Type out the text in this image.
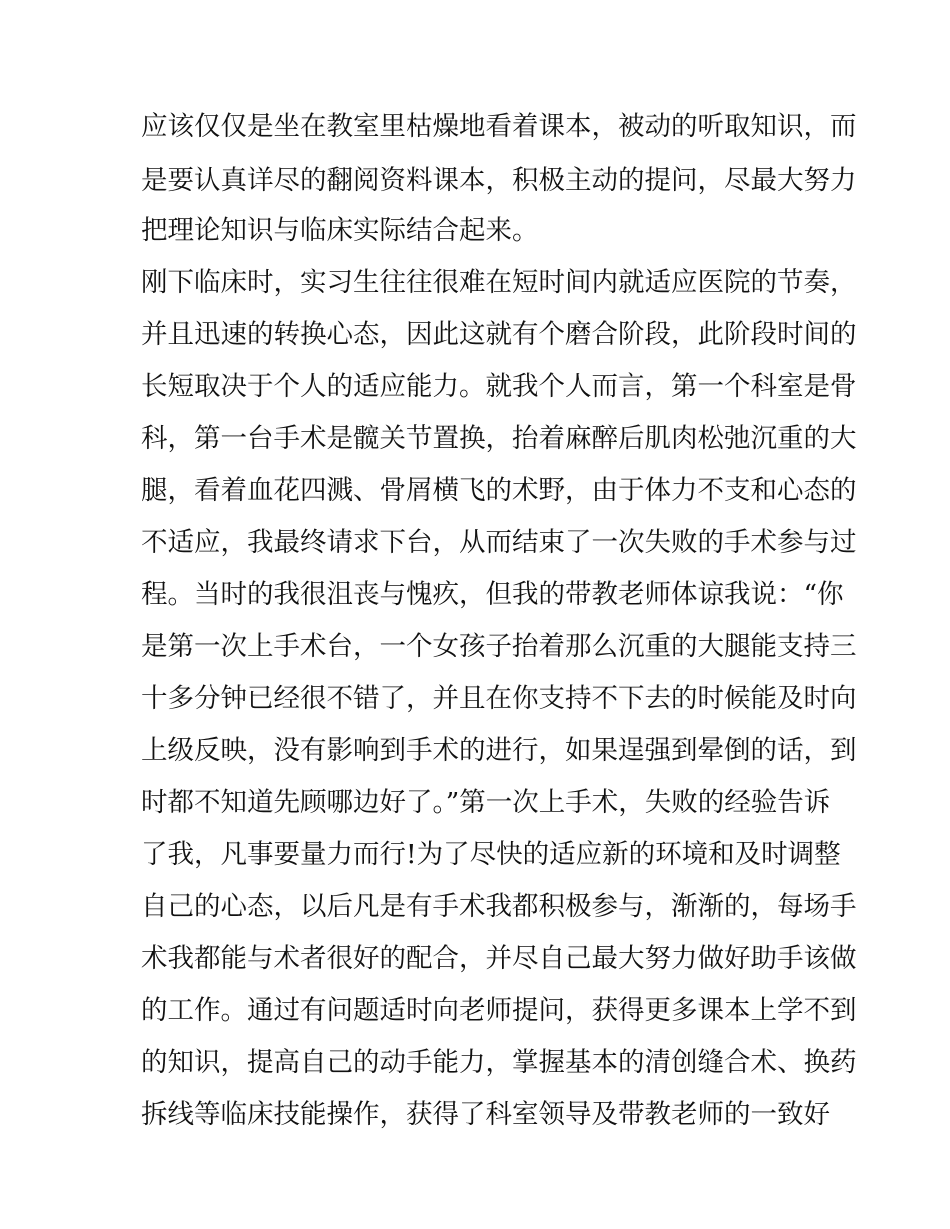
应该仅仅是坐在教室里枯燥地看着课本，被动的听取知识，而
是要认真详尽的翻阅资料课本，积极主动的提问，尽最大努力
把理论知识与临床实际结合起来。
刚下临床时，实习生往往很难在短时间内就适应医院的节奏，
并且迅速的转换心态，因此这就有个磨合阶段，此阶段时间的
长短取决于个人的适应能力。就我个人而言，第一个科室是骨
科，第一台手术是髋关节置换，抬着麻醉后肌肉松弛沉重的大
腿，看着血花四溅、骨屑横飞的术野，由于体力不支和心态的
不适应，我最终请求下台，从而结束了一次失败的手术参与过
程。当时的我很沮丧与愧疚，但我的带教老师体谅我说：“你
是第一次上手术台，一个女孩子抬着那么沉重的大腿能支持三
十多分钟已经很不错了，并且在你支持不下去的时候能及时向
上级反映，没有影响到手术的进行，如果逞强到晕倒的话，到
时都不知道先顾哪边好了。”第一次上手术，失败的经验告诉
了我，凡事要量力而行!为了尽快的适应新的环境和及时调整
自己的心态，以后凡是有手术我都积极参与，渐渐的，每场手
术我都能与术者很好的配合，并尽自己最大努力做好助手该做
的工作。通过有问题适时向老师提问，获得更多课本上学不到
的知识，提高自己的动手能力，掌握基本的清创缝合术、换药
拆线等临床技能操作，获得了科室领导及带教老师的一致好
